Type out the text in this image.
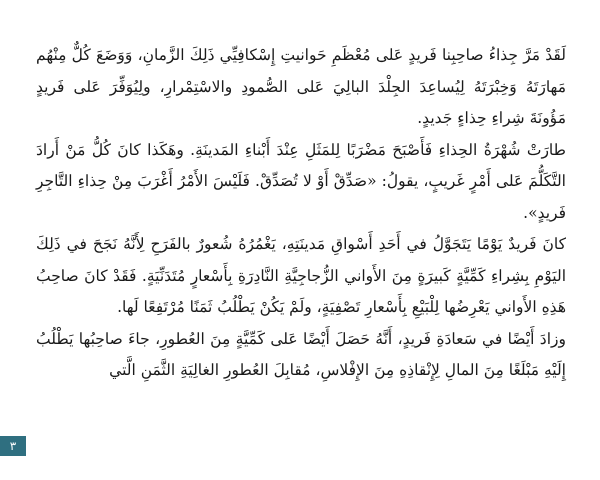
لَقَدْ مَرَّ جِذاءُ صاحِبِنا فَريدٍ عَلى مُعْظَمِ حَوانيتِ إِسْكافِيِّي ذَلِكَ الزَّمانِ، وَوَضَعَ كُلٌّ مِنْهُم مَهارَتَهُ وَخِبْرَتَهُ لِيُساعِدَ الجِلْدَ البالِيَ عَلى الصُّمودِ والاسْتِمْرارِ، ولِيُوَفِّرَ عَلى فَريدٍ مَؤُونَةَ شِراءِ حِذاءٍ جَديدٍ.

طارَتْ شُهْرَةُ الحِذاءِ فَأَصْبَحَ مَضْرَبًا لِلمَثَلِ عِنْدَ أَبْناءِ المَدينَةِ. وهَكَذا كانَ كُلُّ مَنْ أَرادَ التَّكَلُّمَ عَلى أَمْرٍ غَريبٍ، يقولُ: «صَدِّقْ أَوْ لا تُصَدِّقْ. فَلَيْسَ الأَمْرُ أَغْرَبَ مِنْ حِذاءِ التَّاجِرِ فَريدٍ».

كانَ فَريدٌ يَوْمًا يَتَجَوَّلُ في أَحَدِ أَسْواقِ مَدينَتِهِ، يَغْمُرُهُ شُعورٌ بالفَرَحِ لِأَنَّهُ نَجَحَ في ذَلِكَ اليَوْمِ بِشِراءِ كَمِّيَّةٍ كَبيرَةٍ مِنَ الأَواني الزُّجاجِيَّةِ النَّادِرَةِ بِأَسْعارٍ مُتَدَنِّيَةٍ. فَقَدْ كانَ صاحِبُ هَذِهِ الأَواني يَعْرِضُها لِلْبَيْعِ بِأَسْعارِ تَصْفِيَةٍ، ولَمْ يَكُنْ يَطْلُبُ ثَمَنًا مُرْتَفِعًا لَها.

وزادَ أَيْضًا في سَعادَةِ فَريدٍ، أَنَّهُ حَصَلَ أَيْضًا عَلى كَمِّيَّةٍ مِنَ العُطورِ، جاءَ صاحِبُها يَطْلُبُ إِلَيْهِ مَبْلَغًا مِنَ المالِ لِإِنْقاذِهِ مِنَ الإِفْلاسِ، مُقابِلَ العُطورِ الغالِيَةِ الثَّمَنِ الَّتي

٣
